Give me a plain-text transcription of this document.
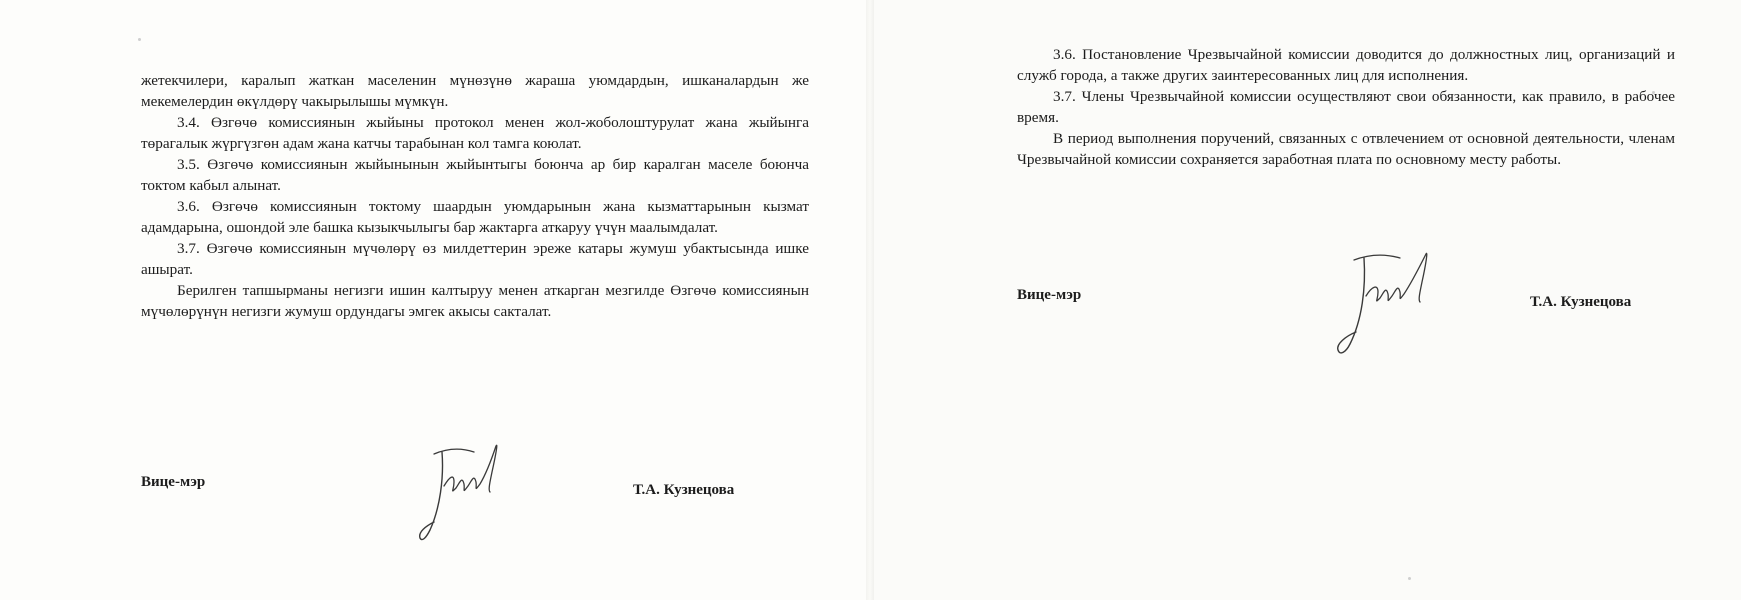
жетекчилери, каралып жаткан маселенин мүнөзүнө жараша уюмдардын, ишканалардын же мекемелердин өкүлдөрү чакырылышы мүмкүн.

3.4. Өзгөчө комиссиянын жыйыны протокол менен жол-жоболоштурулат жана жыйынга төрагалык жүргүзгөн адам жана катчы тарабынан кол тамга коюлат.

3.5. Өзгөчө комиссиянын жыйынынын жыйынтыгы боюнча ар бир каралган маселе боюнча токтом кабыл алынат.

3.6. Өзгөчө комиссиянын токтому шаардын уюмдарынын жана кызматтарынын кызмат адамдарына, ошондой эле башка кызыкчылыгы бар жактарга аткаруу үчүн маалымдалат.

3.7. Өзгөчө комиссиянын мүчөлөрү өз милдеттерин эреже катары жумуш убактысында ишке ашырат.

Берилген тапшырманы негизги ишин калтыруу менен аткарган мезгилде Өзгөчө комиссиянын мүчөлөрүнүн негизги жумуш ордундагы эмгек акысы сакталат.

Вице-мэр	Т.А. Кузнецова

3.6. Постановление Чрезвычайной комиссии доводится до должностных лиц, организаций и служб города, а также других заинтересованных лиц для исполнения.

3.7. Члены Чрезвычайной комиссии осуществляют свои обязанности, как правило, в рабочее время.

В период выполнения поручений, связанных с отвлечением от основной деятельности, членам Чрезвычайной комиссии сохраняется заработная плата по основному месту работы.

Вице-мэр	Т.А. Кузнецова
